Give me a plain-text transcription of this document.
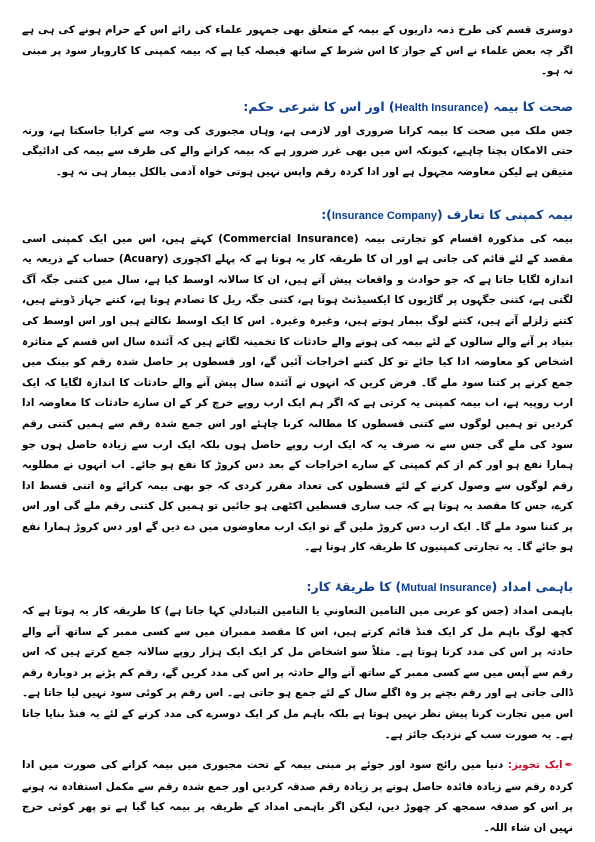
دوسری قسم کی طرح ذمہ داریوں کے بیمہ کے متعلق بھی جمہور علماء کی رائے اس کے حرام ہونے کی ہی ہے اگر چہ بعض علماء نے اس کے جواز کا اس شرط کے ساتھ فیصلہ کیا ہے کہ بیمہ کمپنی کا کاروبار سود پر مبنی نہ ہو۔

صحت کا بیمہ (Health Insurance) اور اس کا شرعی حکم:

جس ملک میں صحت کا بیمہ کرانا ضروری اور لازمی ہے، وہاں مجبوری کی وجہ سے کرایا جاسکتا ہے، ورنہ حتی الامکان بچنا چاہیے، کیونکہ اس میں بھی غرر ضرور ہے کہ بیمہ کرانے والے کی طرف سے بیمہ کی ادائیگی متیقن ہے لیکن معاوضہ مجہول ہے اور ادا کردہ رقم واپس نہیں ہوتی خواہ آدمی بالکل بیمار ہی نہ ہو۔

بیمہ کمپنی کا تعارف (Insurance Company):

بیمہ کی مذکورہ اقسام کو تجارتی بیمہ (Commercial Insurance) کہتے ہیں، اس میں ایک کمپنی اسی مقصد کے لئے قائم کی جاتی ہے اور ان کا طریقہ کار یہ ہوتا ہے کہ پہلے اکچوری (Acuary) حساب کے ذریعہ یہ اندازہ لگایا جاتا ہے کہ جو حوادث و واقعات پیش آتے ہیں، ان کا سالانہ اوسط کیا ہے، سال میں کتنی جگہ آگ لگتی ہے، کتنی جگہوں پر گاڑیوں کا ایکسیڈنٹ ہوتا ہے، کتنی جگہ ریل کا تصادم ہوتا ہے، کتنے جہاز ڈوبتے ہیں، کتنے زلزلے آتے ہیں، کتنے لوگ بیمار ہوتے ہیں، وغیرہ وغیرہ۔ اس کا ایک اوسط نکالتے ہیں اور اس اوسط کی بنیاد پر آنے والے سالوں کے لئے بیمہ کی ہونے والے حادثات کا تخمینہ لگاتے ہیں کہ آئندہ سال اس قسم کے متاثرہ اشخاص کو معاوضہ ادا کیا جائے تو کل کتنے اخراجات آئیں گے، اور قسطوں پر حاصل شدہ رقم کو بینک میں جمع کرنے پر کتنا سود ملے گا۔ فرض کریں کہ انہوں نے آئندہ سال پیش آنے والے حادثات کا اندازہ لگایا کہ ایک ارب روپیہ ہے، اب بیمہ کمپنی یہ کرتی ہے کہ اگر ہم ایک ارب روپے خرچ کر کے ان سارے حادثات کا معاوضہ ادا کردیں تو ہمیں لوگوں سے کتنی قسطوں کا مطالبہ کرنا چاہئے اور اس جمع شدہ رقم سے ہمیں کتنی رقم سود کی ملے گی جس سے نہ صرف یہ کہ ایک ارب روپے حاصل ہوں بلکہ ایک ارب سے زیادہ حاصل ہوں جو ہمارا نفع ہو اور کم از کم کمپنی کے سارے اخراجات کے بعد دس کروڑ کا نفع ہو جائے۔ اب انہوں نے مطلوبہ رقم لوگوں سے وصول کرنے کے لئے قسطوں کی تعداد مقرر کردی کہ جو بھی بیمہ کرائے وہ اتنی قسط ادا کرے، جس کا مقصد یہ ہوتا ہے کہ جب ساری قسطیں اکٹھی ہو جائیں تو ہمیں کل کتنی رقم ملے گی اور اس پر کتنا سود ملے گا۔ ایک ارب دس کروڑ ملیں گے تو ایک ارب معاوضوں میں دے دیں گے اور دس کروڑ ہمارا نفع ہو جائے گا۔ یہ تجارتی کمپنیوں کا طریقہ کار ہوتا ہے۔

باہمی امداد (Mutual Insurance) کا طریقۂ کار:

باہمی امداد (جس کو عربی میں التامين التعاوني يا التامين التبادلي کہا جاتا ہے) کا طریقہ کار یہ ہوتا ہے کہ کچھ لوگ باہم مل کر ایک فنڈ قائم کرتے ہیں، اس کا مقصد ممبران میں سے کسی ممبر کے ساتھ آنے والے حادثہ پر اس کی مدد کرنا ہوتا ہے۔ مثلاً سو اشخاص مل کر ایک ایک ہزار روپے سالانہ جمع کرتے ہیں کہ اس رقم سے آپس میں سے کسی ممبر کے ساتھ آنے والے حادثہ پر اس کی مدد کریں گے، رقم کم پڑنے پر دوبارہ رقم ڈالی جاتی ہے اور رقم بچنے پر وہ اگلے سال کے لئے جمع ہو جاتی ہے۔ اس رقم پر کوئی سود نہیں لیا جاتا ہے۔ اس میں تجارت کرنا پیش نظر نہیں ہوتا ہے بلکہ باہم مل کر ایک دوسرے کی مدد کرنے کے لئے یہ فنڈ بنایا جاتا ہے۔ یہ صورت سب کے نزدیک جائز ہے۔

✒ایک تجویز: دنیا میں رائج سود اور جوئے پر مبنی بیمہ کے تحت مجبوری میں بیمہ کرانے کی صورت میں ادا کردہ رقم سے زیادہ فائدہ حاصل ہونے پر زیادہ رقم صدقہ کردیں اور جمع شدہ رقم سے مکمل استفادہ نہ ہونے پر اس کو صدقہ سمجھ کر چھوڑ دیں، لیکن اگر باہمی امداد کے طریقہ پر بیمہ کیا گیا ہے تو پھر کوئی حرج نہیں ان شاء اللہ۔
